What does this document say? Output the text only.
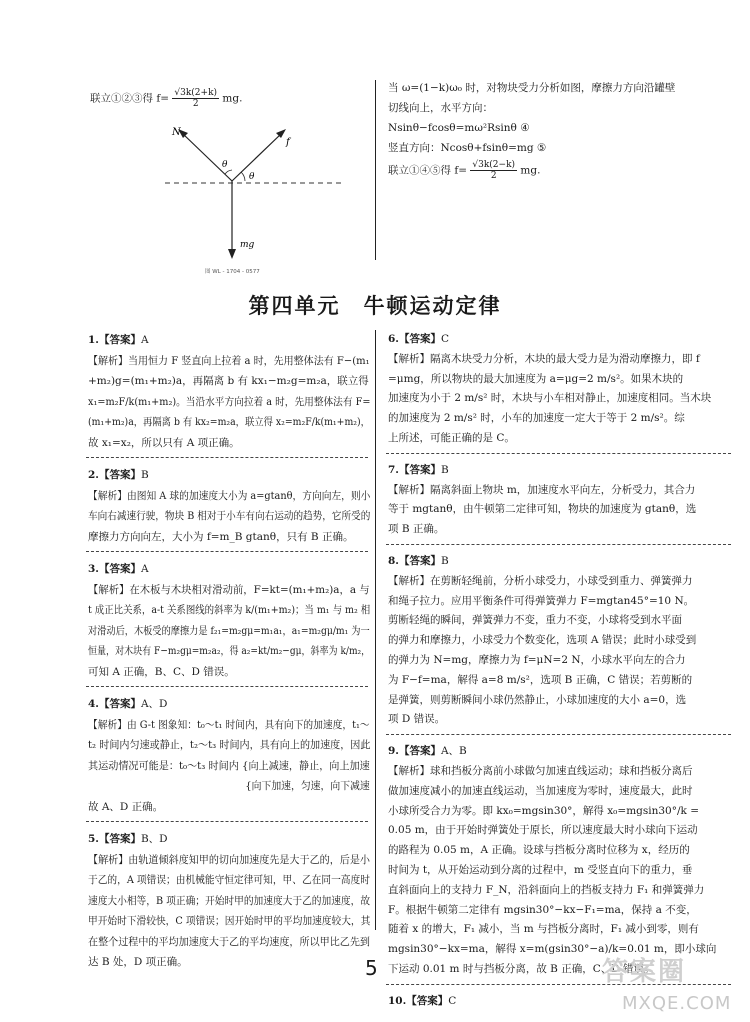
联立①②③得 $f= \frac{√3k(2+k)}{2}$ mg.
N
f
θ
θ
mg
图 WL - 1704 - 0577
当 ω=(1−k)ω₀ 时，对物块受力分析如图，摩擦力方向沿罐壁
切线向上，水平方向：
Nsinθ−fcosθ=mω²Rsinθ ④
竖直方向：Ncosθ+fsinθ=mg ⑤
联立①④⑤得 $f= \frac{√3k(2-k)}{2}$ mg.
第四单元　牛顿运动定律
1.【答案】A
【解析】当用恒力 F 竖直向上拉着 a 时，先用整体法有 F−(m₁
+m₂)g=(m₁+m₂)a，再隔离 b 有 kx₁−m₂g=m₂a，联立得
x₁=m₂F/k(m₁+m₂)。当沿水平方向拉着 a 时，先用整体法有 F=
(m₁+m₂)a，再隔离 b 有 kx₂=m₂a，联立得 x₂=m₂F/k(m₁+m₂)，
故 x₁=x₂，所以只有 A 项正确。
2.【答案】B
【解析】由图知 A 球的加速度大小为 a=gtanθ，方向向左，则小
车向右减速行驶，物块 B 相对于小车有向右运动的趋势，它所受的
摩擦力方向向左，大小为 f=m_B gtanθ，只有 B 正确。
3.【答案】A
【解析】在木板与木块相对滑动前，F=kt=(m₁+m₂)a，a 与
t 成正比关系，a-t 关系图线的斜率为 k/(m₁+m₂)；当 m₁ 与 m₂ 相
对滑动后，木板受的摩擦力是 f₂₁=m₂gμ=m₁a₁，a₁=m₂gμ/m₁ 为一
恒量，对木块有 F−m₂gμ=m₂a₂，得 a₂=kt/m₂−gμ，斜率为 k/m₂，
可知 A 正确，B、C、D 错误。
4.【答案】A、D
【解析】由 G-t 图象知：t₀～t₁ 时间内，具有向下的加速度，t₁～
t₂ 时间内匀速或静止，t₂～t₃ 时间内，具有向上的加速度，因此
其运动情况可能是：t₀～t₃ 时间内 {向上减速，静止，向上加速
　　　　　　　　　　　　　　　　{向下加速，匀速，向下减速
故 A、D 正确。
5.【答案】B、D
【解析】由轨道倾斜度知甲的切向加速度先是大于乙的，后是小
于乙的，A 项错误；由机械能守恒定律可知，甲、乙在同一高度时
速度大小相等，B 项正确；开始时甲的加速度大于乙的加速度，故
甲开始时下滑较快，C 项错误；因开始时甲的平均加速度较大，其
在整个过程中的平均加速度大于乙的平均速度，所以甲比乙先到
达 B 处，D 项正确。
6.【答案】C
【解析】隔离木块受力分析，木块的最大受力是为滑动摩擦力，即 f
=μmg，所以物块的最大加速度为 a=μg=2 m/s²。如果木块的
加速度为小于 2 m/s² 时，木块与小车相对静止，加速度相同。当木块
的加速度为 2 m/s² 时，小车的加速度一定大于等于 2 m/s²。综
上所述，可能正确的是 C。
7.【答案】B
【解析】隔离斜面上物块 m，加速度水平向左，分析受力，其合力
等于 mgtanθ，由牛顿第二定律可知，物块的加速度为 gtanθ，选
项 B 正确。
8.【答案】B
【解析】在剪断轻绳前，分析小球受力，小球受到重力、弹簧弹力
和绳子拉力。应用平衡条件可得弹簧弹力 F=mgtan45°=10 N。
剪断轻绳的瞬间，弹簧弹力不变，重力不变，小球将受到水平面
的弹力和摩擦力，小球受力个数变化，选项 A 错误；此时小球受到
的弹力为 N=mg，摩擦力为 f=μN=2 N，小球水平向左的合力
为 F−f=ma，解得 a=8 m/s²，选项 B 正确，C 错误；若剪断的
是弹簧，则剪断瞬间小球仍然静止，小球加速度的大小 a=0，选
项 D 错误。
9.【答案】A、B
【解析】球和挡板分离前小球做匀加速直线运动；球和挡板分离后
做加速度减小的加速直线运动，当加速度为零时，速度最大，此时
小球所受合力为零。即 kx₀=mgsin30°，解得 x₀=mgsin30°/k =
0.05 m，由于开始时弹簧处于原长，所以速度最大时小球向下运动
的路程为 0.05 m，A 正确。设球与挡板分离时位移为 x，经历的
时间为 t，从开始运动到分离的过程中，m 受竖直向下的重力，垂
直斜面向上的支持力 F_N，沿斜面向上的挡板支持力 F₁ 和弹簧弹力
F。根据牛顿第二定律有 mgsin30°−kx−F₁=ma，保持 a 不变，
随着 x 的增大，F₁ 减小，当 m 与挡板分离时，F₁ 减小到零，则有
mgsin30°−kx=ma，解得 x=m(gsin30°−a)/k=0.01 m，即小球向
下运动 0.01 m 时与挡板分离，故 B 正确，C、D 错误。
10.【答案】C
5	答案圈
MXQE.COM
